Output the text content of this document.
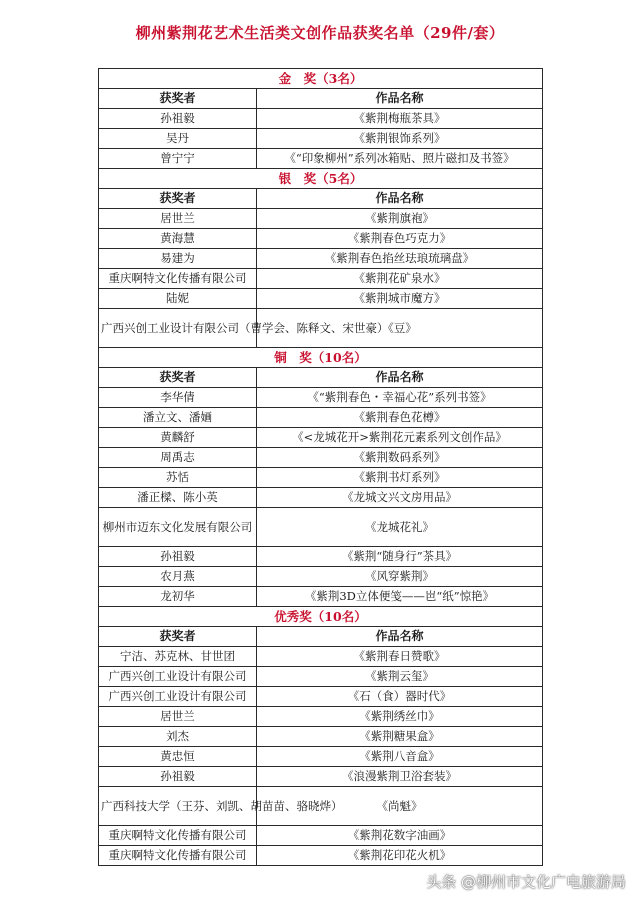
柳州紫荆花艺术生活类文创作品获奖名单（29件/套）
金　奖（3名）	
获奖者	作品名称
孙祖毅	《紫荆梅瓶茶具》
吴丹	《紫荆银饰系列》
曾宁宁	《“印象柳州”系列冰箱贴、照片磁扣及书签》
银　奖（5名）	
获奖者	作品名称
居世兰	《紫荆旗袍》
黄海慧	《紫荆春色巧克力》
易建为	《紫荆春色掐丝珐琅琉璃盘》
重庆啊特文化传播有限公司	《紫荆花矿泉水》
陆妮	《紫荆城市魔方》
广西兴创工业设计有限公司（曹学会、陈释文、宋世豪）	《豆》
铜　奖（10名）	
获奖者	作品名称
李华倩	《“紫荆春色・幸福心花”系列书签》
潘立文、潘婳	《紫荆春色花樽》
黄麟舒	《<龙城花开>紫荆花元素系列文创作品》
周禹志	《紫荆数码系列》
苏恬	《紫荆书灯系列》
潘正樑、陈小英	《龙城文兴文房用品》
柳州市迈东文化发展有限公司	《龙城花礼》
孙祖毅	《紫荆“随身行”茶具》
农月燕	《风穿紫荆》
龙初华	《紫荆3D立体便笺——岜“纸”惊艳》
优秀奖（10名）	
获奖者	作品名称
宁洁、苏克林、甘世团	《紫荆春日赞歌》
广西兴创工业设计有限公司	《紫荆云玺》
广西兴创工业设计有限公司	《石（食）器时代》
居世兰	《紫荆绣丝巾》
刘杰	《紫荆糖果盒》
黄忠恒	《紫荆八音盒》
孙祖毅	《浪漫紫荆卫浴套装》
广西科技大学（王芬、刘凯、胡苗苗、骆晓烨）	《尚魁》
重庆啊特文化传播有限公司	《紫荆花数字油画》
重庆啊特文化传播有限公司	《紫荆花印花火机》
头条 @柳州市文化广电旅游局
